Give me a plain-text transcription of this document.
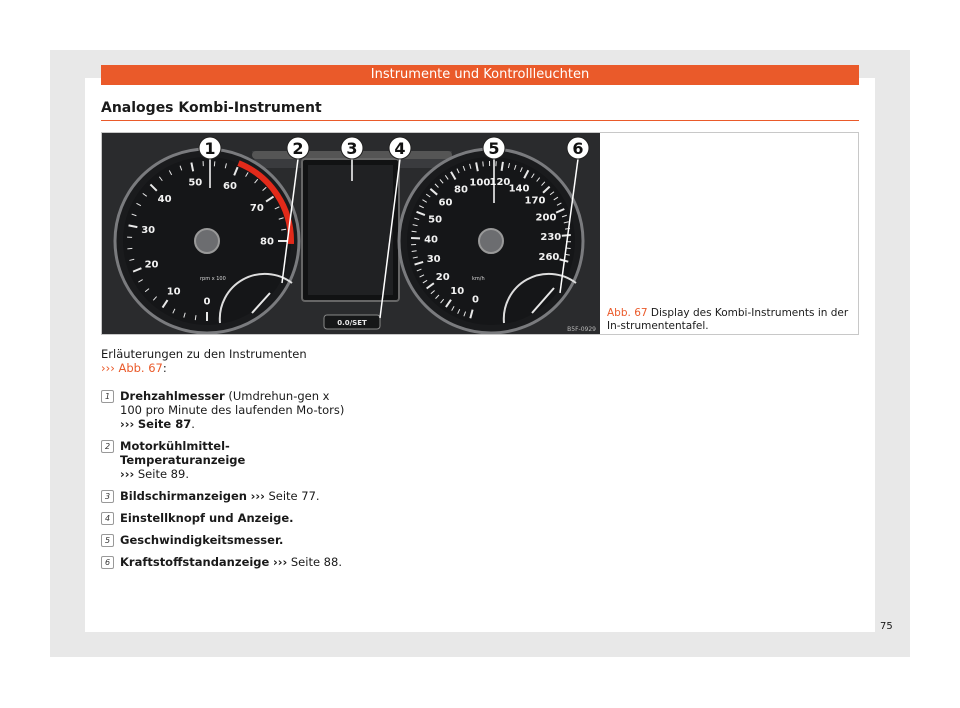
Instrumente und Kontrollleuchten
Analoges Kombi-Instrument
0
10
20
30
40
50 60
70
80
rpm x 100
0.0/SET
0
10
20
30
40
50
60
80
100 120
140
170
200
230
260
km/h
1	2	3 4	5	6
B5F-0929
Abb. 67 Display des Kombi-Instruments in der In-strumententafel.
Erläuterungen zu den Instrumenten
››› Abb. 67:
1 Drehzahlmesser (Umdrehun-gen x 100 pro Minute des laufenden Mo-tors) ››› Seite 87.
2 Motorkühlmittel-Temperaturanzeige
››› Seite 89.
3 Bildschirmanzeigen ››› Seite 77.
4 Einstellknopf und Anzeige.
5 Geschwindigkeitsmesser.
6 Kraftstoffstandanzeige ››› Seite 88.
75
